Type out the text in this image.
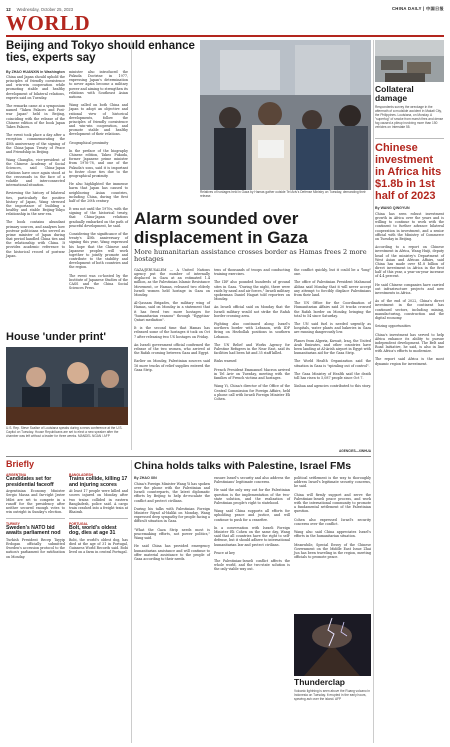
12 Wednesday, October 25, 2023	CHINA DAILY | 中国日报
WORLD
Beijing and Tokyo should enhance ties, experts say
By ZHAO HUANXIN in Washington
China and Japan should uphold the principles of friendly coexistence and win-win cooperation while promoting stable and healthy development of bilateral relations, experts said on Tuesday.

The remarks came at a symposium named "Taken Palaces and Post-war Japan" held in Beijing, coinciding with the release of the Chinese edition of the book Japan Takes Palaces.

The event took place a day after a reception commemorating the 45th anniversary of the signing of the China-Japan Treaty of Peace and Friendship in Beijing.

Wang Changlin, vice-president of the Chinese Academy of Social Sciences, said China-Japan relations have once again stood at the crossroads in the face of a volatile and interconnected international situation.

Reviewing the history of bilateral ties, particularly the positive history of Japan, Wang stressed the importance of building a healthy and stable Beijing-Tokyo relationship in the new era.

The book contains abundant primary sources, and analyzes how postwar politicians who served as prime minister of Japan during that period handled China ties and the relationship with China. It provides academic reference to the historical record of postwar Japan.
minister also introduced the Fukuda Doctrine in 1977, expressing Japan's determination to never again become a military power and aiming to strengthen its relations with Southeast Asian nations.

Wang called on both China and Japan to adopt an objective and rational view of historical developments, follow the principles of friendly coexistence and win-win cooperation, and promote stable and healthy development of their relations.

Geographical proximity

In the preface of the biography Chinese edition, Takeo Fukuda, former Japanese prime minister from 1976-78, and one of the Fukuda's sons, said it is important to foster close ties due to the geographical proximity.

He also highlighted the immense harm that Japan has caused to neighboring Asian countries, including China, during the first half of the 20th century.

It was not until the 1970s, with the signing of the historical treaty, that China-Japan relations gradually embarked on the path of peaceful development, he said.

Considering the significance of the treaty's 45th anniversary of signing this year, Wang expressed his hope that the Chinese and Japanese peoples will work together to jointly promote and contribute to the stability and development of both countries and the region.

The event was co-hosted by the Institute of Japanese Studies of the CASS and the China Social Sciences Press.
Relatives of hostages held in Gaza by Hamas gather outside Tel Aviv's Defense Ministry on Tuesday, demanding their release.
Collateral damage
Respondents survey the wreckage in the aftermath of a mudslide accident in Makati City, the Philippines. Louisiana, on Monday. A "superfog" of smoke from marsh fires and dense fog caused a pileup involving more than 150 vehicles on Interstate 55.
Chinese investment in Africa hits $1.8b in 1st half of 2023
By WANG QINGYUN
China has seen robust investment growth in Africa over the years and is willing to continue to work with the continent to further advance bilateral cooperation in investment, and a senior official with the Ministry of Commerce on Tuesday in Beijing.

According to a report on Chinese investment in Africa, Wang Huiji, deputy head of the ministry's Department of West Asian and African Affairs, said China has made over $1.8 billion of direct investment in Africa in the first half of this year, a year-on-year increase of 4.4 percent.

He said Chinese companies have carried out infrastructure projects and new investments in Africa.

As of the end of 2022, China's direct investment in the continent has continued sectors, including mining, manufacturing, construction and the digital economy.

Seizing opportunities

China's investment has served to help Africa enhance its ability to pursue independent development. The Belt and Road Initiative, he said, is also in line with Africa's efforts to modernize.

The report said Africa is the most dynamic region for investment.
House 'under print'
U.S. Rep. Steve Scalise of Louisiana speaks during a news conference at the U.S. Capitol on Tuesday. House Republicans are set to elect a new speaker after the chamber was left without a leader for three weeks. MANDEL NGAN / AFP
Alarm sounded over displacement in Gaza
More humanitarian assistance crosses border as Hamas frees 2 more hostages
GAZA/JERUSALEM — A United Nations agency put the number of internally displaced in Gaza at an estimated 1.4 million, as the Palestinian Islamic Resistance Movement, or Hamas, released two elderly Israeli women held hostage in Gaza on Monday.

Al-Qassam Brigades, the military wing of Hamas, said on Monday in a statement that it has freed two more hostages for "humanitarian reasons" through "Egyptian-Qatari mediation".

It is the second time that Hamas has released some of the hostages it took on Oct 7 after releasing two US hostages on Friday.

An Israeli government official confirmed the release of the two women, who arrived at the Rafah crossing between Gaza and Egypt.

Earlier on Monday, Palestinian sources said 16 more trucks of relief supplies entered the Gaza Strip.
tens of thousands of troops and conducting training exercises.

The IDF also pounded hundreds of ground sites in Gaza. "During the night, there were raids by naval and air forces," Israeli military spokesman Daniel Hagari told reporters on Monday.

An Israeli official said on Monday that the Israeli military would not strike the Rafah border crossing area.

Fighting also continued along Israel's northern border with Lebanon, with IDF firing on Hezbollah positions in southern Lebanon.

The UN Relief and Works Agency for Palestine Refugees in the Near East, said its facilities had been hit and 35 staff killed.

Risks warned

French President Emmanuel Macron arrived in Tel Aviv on Tuesday, meeting with the families of French victims and hostages.

Wang Yi, China's director of the Office of the Central Commission for Foreign Affairs, held a phone call with Israeli Foreign Minister Eli Cohen.
the conflict quickly, but it could be a "long" one.

The office of Palestinian President Mahmoud Abbas said Monday that it will never accept any attempt to forcibly displace Palestinians from their land.

The UN Office for the Coordination of Humanitarian Affairs said 20 trucks crossed the Rafah border on Monday, bringing the total to 54 since Saturday.

The UN said fuel is needed urgently as hospitals, water plants and bakeries in Gaza are running dangerously low.

Planes from Algeria, Kuwait, Iraq, the United Arab Emirates, and other countries have been landing at Al-Arish airport in Egypt with humanitarian aid for the Gaza Strip.

The World Health Organization said the situation in Gaza is "spiraling out of control".

The Gaza Ministry of Health said the death toll has risen to 5,087 people since Oct 7.

Xinhua and agencies contributed to this story.
AGENCIES—XINHUA
Briefly
ARGENTINA
Candidates set for presidential faceoff
Argentinian Economy Minister Sergio Massa and far-right Javier Milei are set to compete in a runoff for the presidency after neither secured enough votes to win outright in Sunday's election.
TURKEY
Sweden's NATO bid awaits parliament nod
Turkish President Recep Tayyip Erdogan officially submitted Sweden's accession protocol to the nation's parliament for ratification on Monday.
BANGLADESH
Trains collide, killing 17 and injuring scores
At least 17 people were killed and scores injured on Monday after two trains collided in eastern Bangladesh, police said. A cargo train crashed into a freight train at Bhairab.
PORTUGAL
Bolt, world's oldest dog, dies at age 31
Bobi, the world's oldest dog, has died at the age of 31 in Portugal, Guinness World Records said. Bobi lived on a farm in central Portugal.
China holds talks with Palestine, Israel FMs
By ZHAO XIN
China's Foreign Minister Wang Yi has spoken over the phone with the Palestinian and Israeli counterparts, the latest diplomatic efforts by Beijing to help de-escalate the conflict and protect civilians.

During his talks with Palestinian Foreign Minister Riyad al-Maliki on Monday, Wang expressed deep sympathy for people facing a difficult situation in Gaza.

"What the Gaza Strip needs most is peacemaking efforts, not power politics," Wang said.

He said China has provided emergency humanitarian assistance and will continue to offer material assistance to the people of Gaza according to their needs.
ensure Israel's security and also address the Palestinians' legitimate concerns.

He said the only way out for the Palestinian question is the implementation of the two-state solution, and the realization of Palestinian people's right to statehood.

Wang said China supports all efforts for upholding peace and justice, and will continue to push for a ceasefire.

In a conversation with Israeli Foreign Minister Eli Cohen on the same day, Wang said that all countries have the right to self-defense, but it should adhere to international humanitarian law and protect civilians.

Peace at key

The Palestinian-Israeli conflict affects the whole world, and the two-state solution is the only viable way out.
political settlement is the way to thoroughly address Israel's legitimate security concerns, he said.

China will firmly support and serve the Palestinian-Israeli peace process, and work with the international community to promote a fundamental settlement of the Palestinian question.

Cohen also expressed Israel's security concerns over the conflict.

Wang also said China appreciates Israel's efforts in the humanitarian situation.

Meanwhile, Special Envoy of the Chinese Government on the Middle East Issue Zhai Jun has been traveling in the region, meeting officials to promote peace.
Thunderclap
Volcanic lightning is seen above the Ruang volcano in Indonesia on Tuesday. It erupted in the early hours, spewing ash over the island. AFP
